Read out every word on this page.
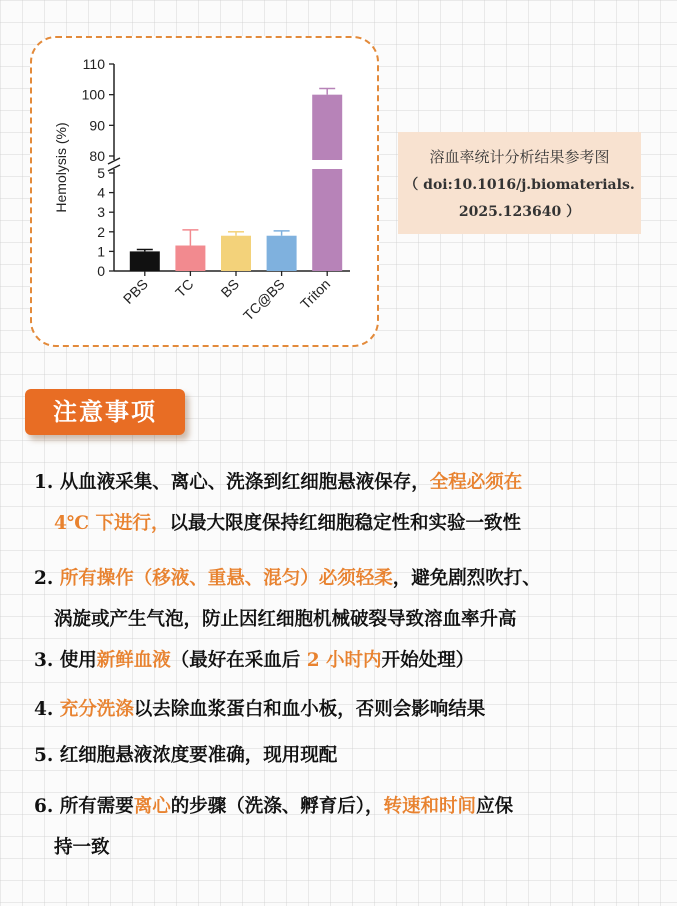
0
1
2
3
4
5
80
90
100
110
Hemolysis (%)
PBS TC BS
TC@BS Triton
溶血率统计分析结果参考图
（ doi:10.1016/j.biomaterials.
2025.123640 ）
注意事项
1. 从血液采集、离心、洗涤到红细胞悬液保存，全程必须在
4℃ 下进行，以最大限度保持红细胞稳定性和实验一致性
2. 所有操作（移液、重悬、混匀）必须轻柔，避免剧烈吹打、
涡旋或产生气泡，防止因红细胞机械破裂导致溶血率升高
3. 使用新鲜血液（最好在采血后 2 小时内开始处理）
4. 充分洗涤以去除血浆蛋白和血小板，否则会影响结果
5. 红细胞悬液浓度要准确，现用现配
6. 所有需要离心的步骤（洗涤、孵育后），转速和时间应保
持一致
